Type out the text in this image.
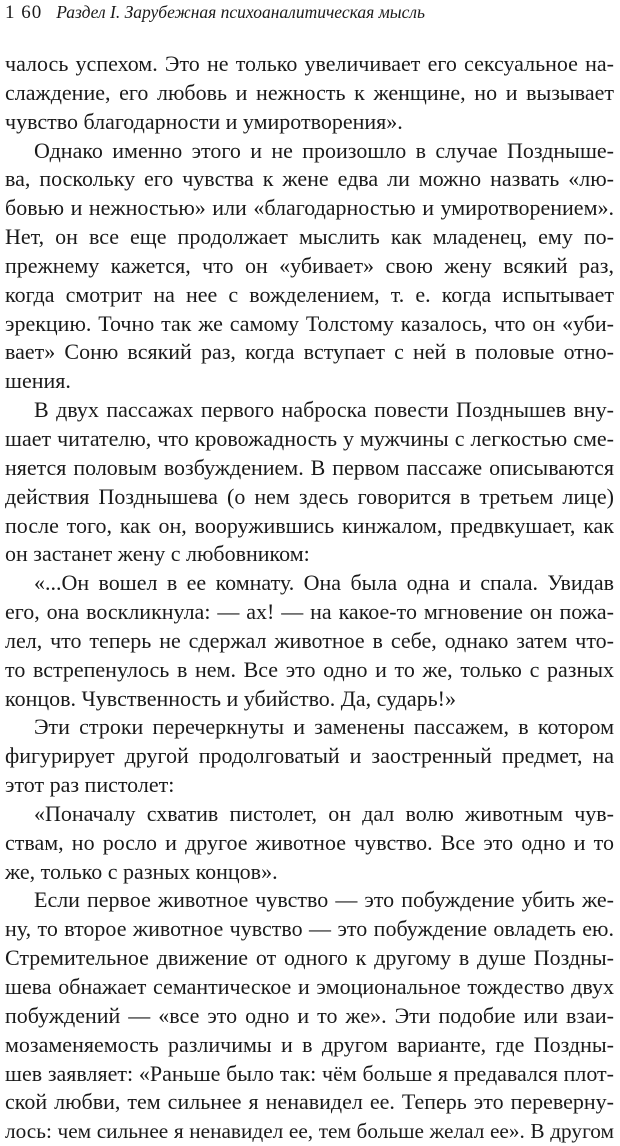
1 60 Раздел I. Зарубежная психоаналитическая мысль
чалось успехом. Это не только увеличивает его сексуальное на-
слаждение, его любовь и нежность к женщине, но и вызывает
чувство благодарности и умиротворения».
Однако именно этого и не произошло в случае Позднышe-
ва, поскольку его чувства к жене едва ли можно назвать «лю-
бовью и нежностью» или «благодарностью и умиротворением».
Нет, он все еще продолжает мыслить как младенец, ему по-
прежнему кажется, что он «убивает» свою жену всякий раз,
когда смотрит на нее с вожделением, т. е. когда испытывает
эрекцию. Точно так же самому Толстому казалось, что он «уби-
вает» Соню всякий раз, когда вступает с ней в половые отно-
шения.
В двух пассажах первого наброска повести Позднышев вну-
шает читателю, что кровожадность у мужчины с легкостью сме-
няется половым возбуждением. В первом пассаже описываются
действия Позднышева (о нем здесь говорится в третьем лице)
после того, как он, вооружившись кинжалом, предвкушает, как
он застанет жену с любовником:
«...Он вошел в ее комнату. Она была одна и спала. Увидав
его, она воскликнула: — ах! — на какое-то мгновение он пожа-
лел, что теперь не сдержал животное в себе, однако затем что-
то встрепенулось в нем. Все это одно и то же, только с разных
концов. Чувственность и убийство. Да, сударь!»
Эти строки перечеркнуты и заменены пассажем, в котором
фигурирует другой продолговатый и заостренный предмет, на
этот раз пистолет:
«Поначалу схватив пистолет, он дал волю животным чув-
ствам, но росло и другое животное чувство. Все это одно и то
же, только с разных концов».
Если первое животное чувство — это побуждение убить же-
ну, то второе животное чувство — это побуждение овладеть ею.
Стремительное движение от одного к другому в душе Поздны-
шева обнажает семантическое и эмоциональное тождество двух
побуждений — «все это одно и то же». Эти подобие или взаи-
мозаменяемость различимы и в другом варианте, где Поздны-
шев заявляет: «Раньше было так: чём больше я предавался плот-
ской любви, тем сильнее я ненавидел ее. Теперь это переверну-
лось: чем сильнее я ненавидел ее, тем больше желал ее». В другом
